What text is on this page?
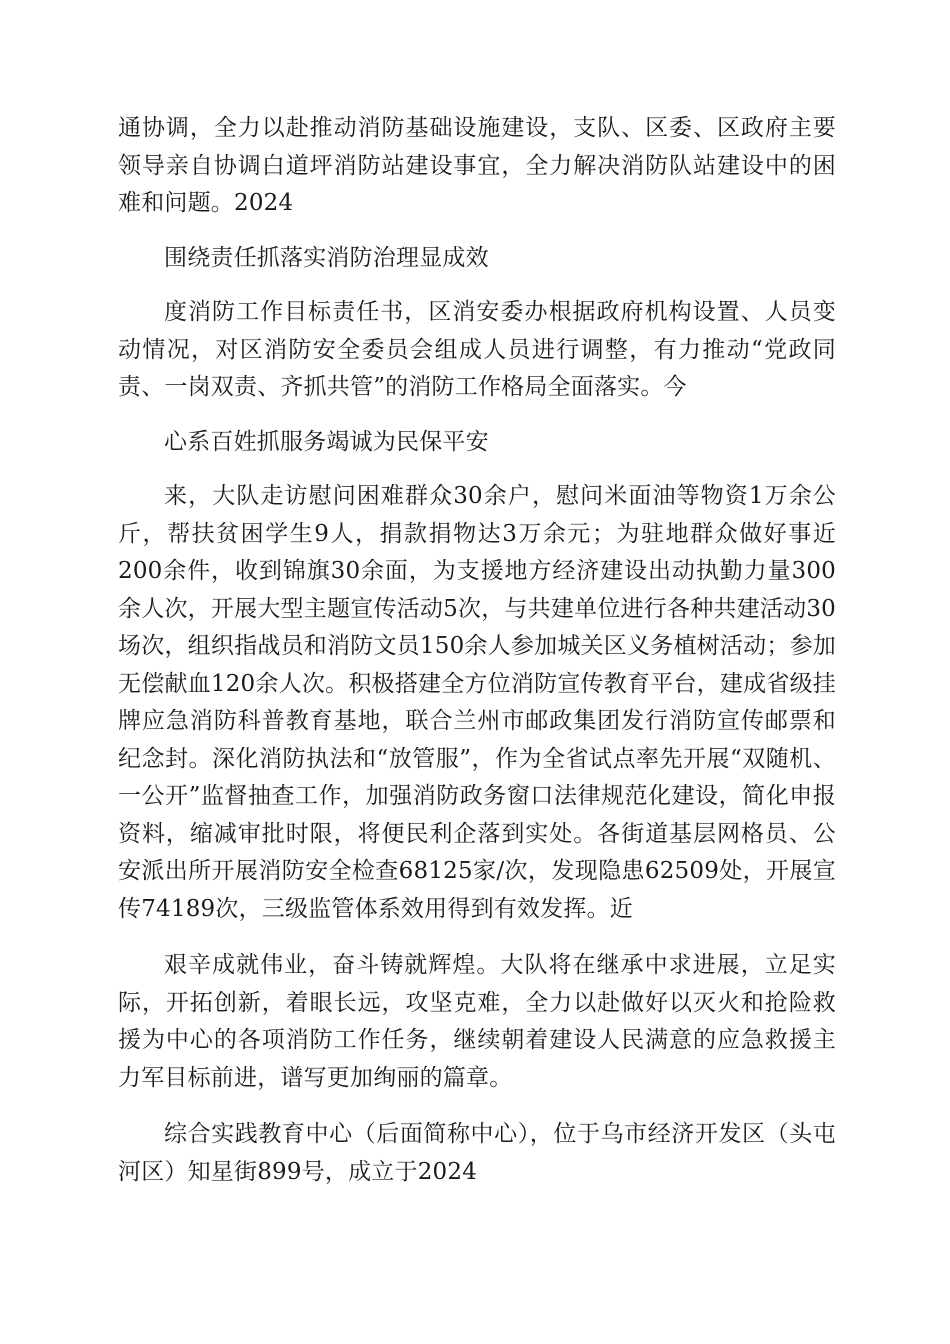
通协调，全力以赴推动消防基础设施建设，支队、区委、区政府主要领导亲自协调白道坪消防站建设事宜，全力解决消防队站建设中的困难和问题。2024

围绕责任抓落实消防治理显成效

度消防工作目标责任书，区消安委办根据政府机构设置、人员变动情况，对区消防安全委员会组成人员进行调整，有力推动“党政同责、一岗双责、齐抓共管”的消防工作格局全面落实。今

心系百姓抓服务竭诚为民保平安

来，大队走访慰问困难群众30余户，慰问米面油等物资1万余公斤，帮扶贫困学生9人，捐款捐物达3万余元；为驻地群众做好事近200余件，收到锦旗30余面，为支援地方经济建设出动执勤力量300余人次，开展大型主题宣传活动5次，与共建单位进行各种共建活动30场次，组织指战员和消防文员150余人参加城关区义务植树活动；参加无偿献血120余人次。积极搭建全方位消防宣传教育平台，建成省级挂牌应急消防科普教育基地，联合兰州市邮政集团发行消防宣传邮票和纪念封。深化消防执法和“放管服”，作为全省试点率先开展“双随机、一公开”监督抽查工作，加强消防政务窗口法律规范化建设，简化申报资料，缩减审批时限，将便民利企落到实处。各街道基层网格员、公安派出所开展消防安全检查68125家/次，发现隐患62509处，开展宣传74189次，三级监管体系效用得到有效发挥。近

艰辛成就伟业，奋斗铸就辉煌。大队将在继承中求进展，立足实际，开拓创新，着眼长远，攻坚克难，全力以赴做好以灭火和抢险救援为中心的各项消防工作任务，继续朝着建设人民满意的应急救援主力军目标前进，谱写更加绚丽的篇章。

综合实践教育中心（后面简称中心），位于乌市经济开发区（头屯河区）知星街899号，成立于2024
